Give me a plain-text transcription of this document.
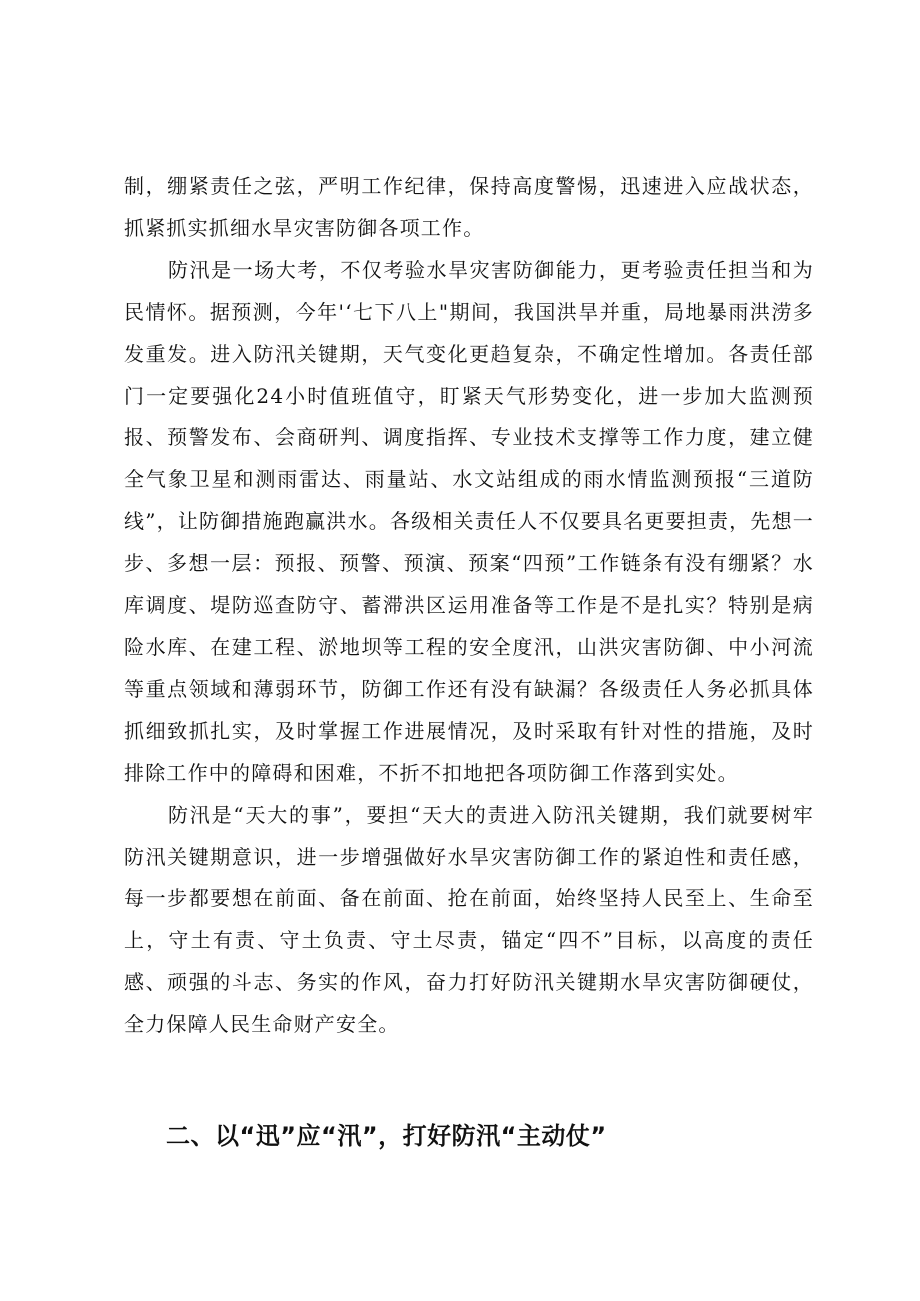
制，绷紧责任之弦，严明工作纪律，保持高度警惕，迅速进入应战状态，抓紧抓实抓细水旱灾害防御各项工作。

防汛是一场大考，不仅考验水旱灾害防御能力，更考验责任担当和为民情怀。据预测，今年'‘七下八上"期间，我国洪旱并重，局地暴雨洪涝多发重发。进入防汛关键期，天气变化更趋复杂，不确定性增加。各责任部门一定要强化24小时值班值守，盯紧天气形势变化，进一步加大监测预报、预警发布、会商研判、调度指挥、专业技术支撑等工作力度，建立健全气象卫星和测雨雷达、雨量站、水文站组成的雨水情监测预报“三道防线”，让防御措施跑赢洪水。各级相关责任人不仅要具名更要担责，先想一步、多想一层：预报、预警、预演、预案“四预”工作链条有没有绷紧？水库调度、堤防巡查防守、蓄滞洪区运用准备等工作是不是扎实？特别是病险水库、在建工程、淤地坝等工程的安全度汛，山洪灾害防御、中小河流等重点领域和薄弱环节，防御工作还有没有缺漏？各级责任人务必抓具体抓细致抓扎实，及时掌握工作进展情况，及时采取有针对性的措施，及时排除工作中的障碍和困难，不折不扣地把各项防御工作落到实处。

防汛是“天大的事”，要担“天大的责进入防汛关键期，我们就要树牢防汛关键期意识，进一步增强做好水旱灾害防御工作的紧迫性和责任感，每一步都要想在前面、备在前面、抢在前面，始终坚持人民至上、生命至上，守土有责、守土负责、守土尽责，锚定“四不”目标，以高度的责任感、顽强的斗志、务实的作风，奋力打好防汛关键期水旱灾害防御硬仗，全力保障人民生命财产安全。

二、以“迅”应“汛”，打好防汛“主动仗”
